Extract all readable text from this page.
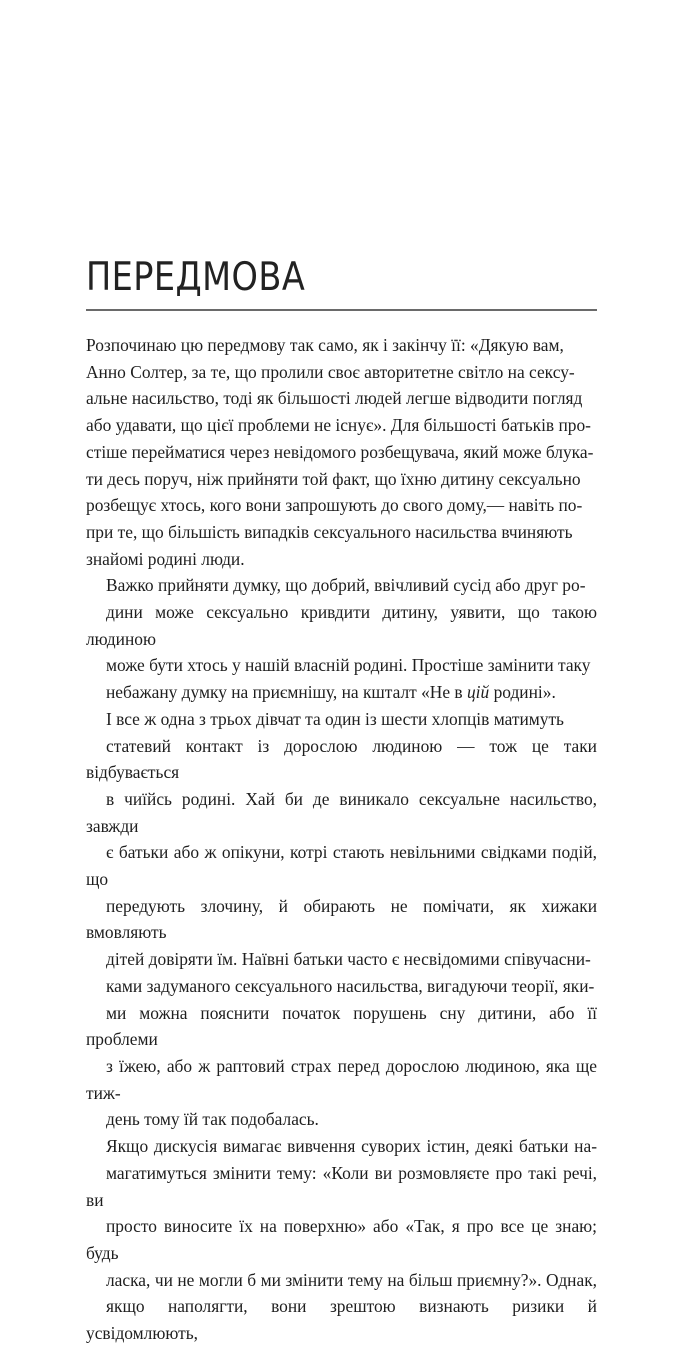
ПЕРЕДМОВА

Розпочинаю цю передмову так само, як і закінчу її: «Дякую вам,
Анно Солтер, за те, що пролили своє авторитетне світло на сексу-
альне насильство, тоді як більшості людей легше відводити погляд
або удавати, що цієї проблеми не існує». Для більшості батьків про-
стіше перейматися через невідомого розбещувача, який може блука-
ти десь поруч, ніж прийняти той факт, що їхню дитину сексуально
розбещує хтось, кого вони запрошують до свого дому,— навіть по-
при те, що більшість випадків сексуального насильства вчиняють
знайомі родині люди.

Важко прийняти думку, що добрий, ввічливий сусід або друг ро-
дини може сексуально кривдити дитину, уявити, що такою людиною
може бути хтось у нашій власній родині. Простіше замінити таку
небажану думку на приємнішу, на кшталт «Не в цій родині».

І все ж одна з трьох дівчат та один із шести хлопців матимуть
статевий контакт із дорослою людиною — тож це таки відбувається
в чиїйсь родині. Хай би де виникало сексуальне насильство, завжди
є батьки або ж опікуни, котрі стають невільними свідками подій, що
передують злочину, й обирають не помічати, як хижаки вмовляють
дітей довіряти їм. Наївні батьки часто є несвідомими співучасни-
ками задуманого сексуального насильства, вигадуючи теорії, яки-
ми можна пояснити початок порушень сну дитини, або її проблеми
з їжею, або ж раптовий страх перед дорослою людиною, яка ще тиж-
день тому їй так подобалась.

Якщо дискусія вимагає вивчення суворих істин, деякі батьки на-
магатимуться змінити тему: «Коли ви розмовляєте про такі речі, ви
просто виносите їх на поверхню» або «Так, я про все це знаю; будь
ласка, чи не могли б ми змінити тему на більш приємну?». Однак,
якщо наполягти, вони зрештою визнають ризики й усвідомлюють,
